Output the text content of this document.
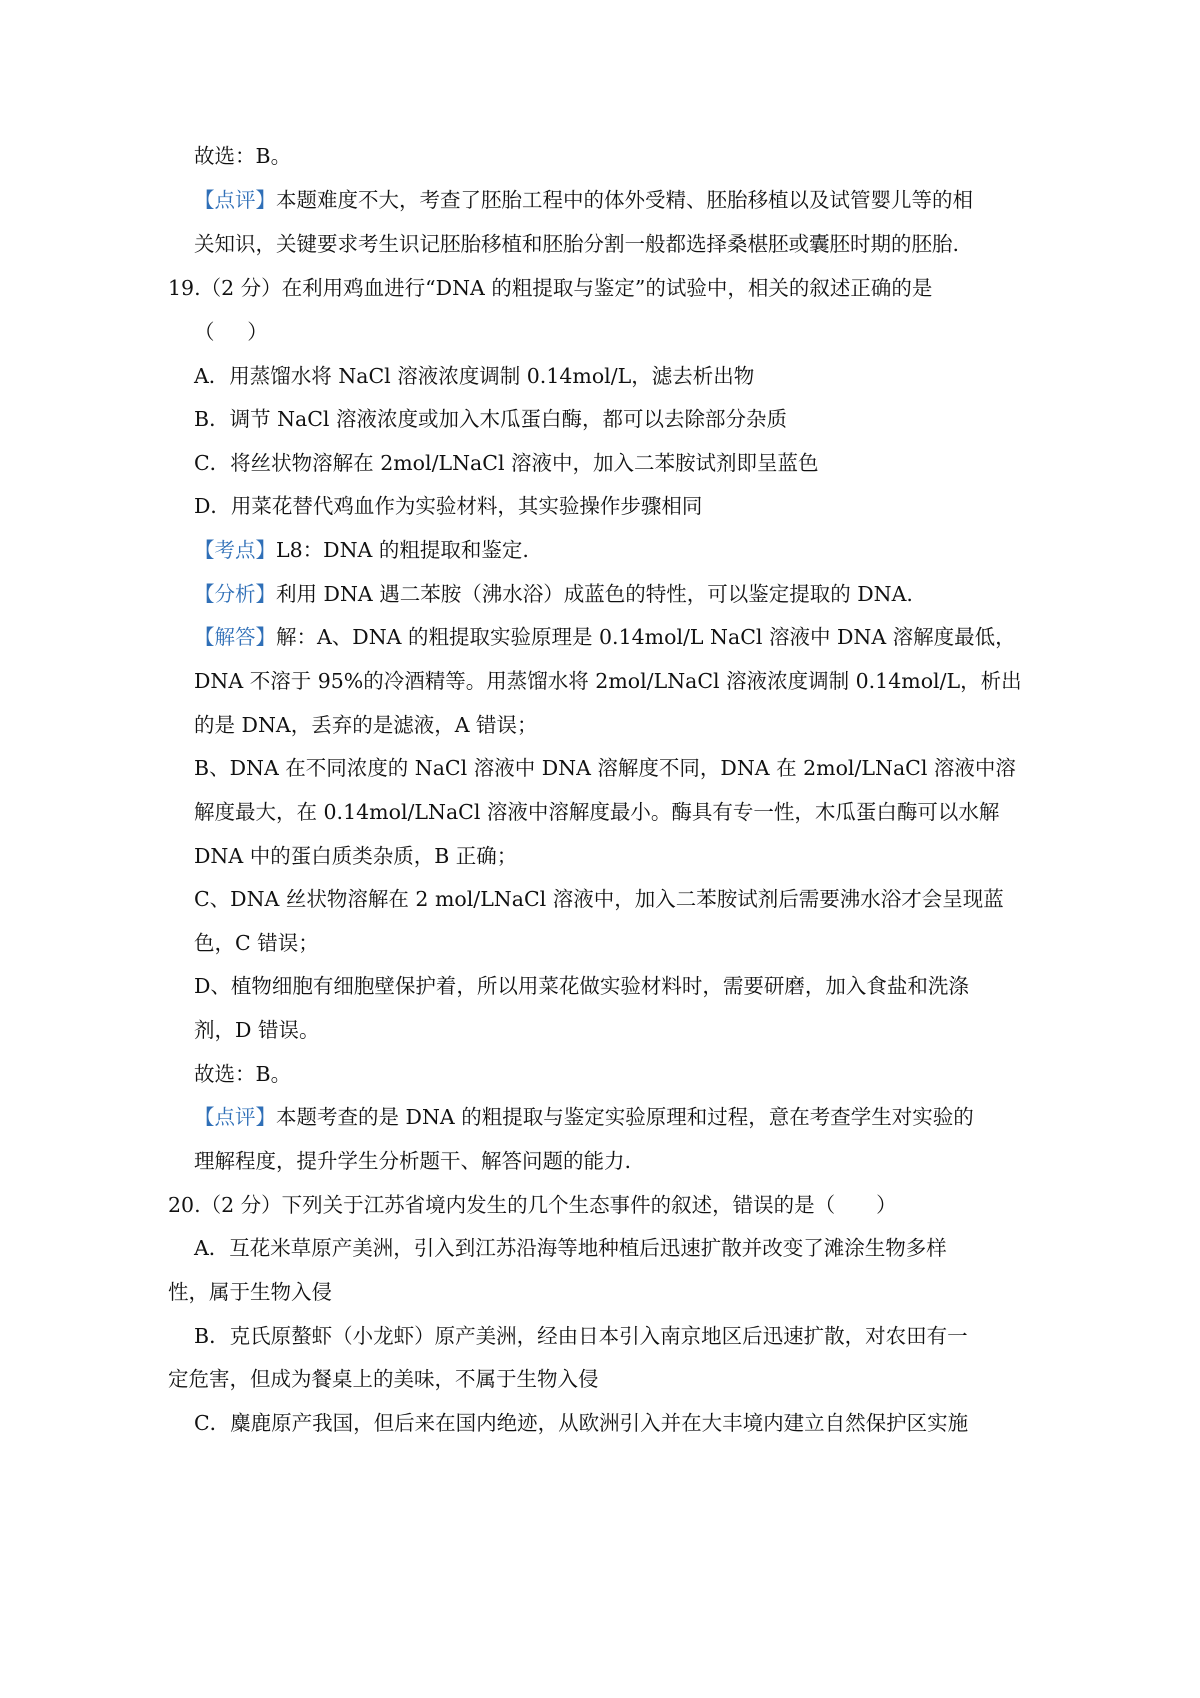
故选：B。
【点评】本题难度不大，考查了胚胎工程中的体外受精、胚胎移植以及试管婴儿等的相
关知识，关键要求考生识记胚胎移植和胚胎分割一般都选择桑椹胚或囊胚时期的胚胎.
19.（2 分）在利用鸡血进行“DNA 的粗提取与鉴定”的试验中，相关的叙述正确的是
（ ）
A．用蒸馏水将 NaCl 溶液浓度调制 0.14mol/L，滤去析出物
B．调节 NaCl 溶液浓度或加入木瓜蛋白酶，都可以去除部分杂质
C．将丝状物溶解在 2mol/LNaCl 溶液中，加入二苯胺试剂即呈蓝色
D．用菜花替代鸡血作为实验材料，其实验操作步骤相同
【考点】L8：DNA 的粗提取和鉴定.
【分析】利用 DNA 遇二苯胺（沸水浴）成蓝色的特性，可以鉴定提取的 DNA.
【解答】解：A、DNA 的粗提取实验原理是 0.14mol/L NaCl 溶液中 DNA 溶解度最低，
DNA 不溶于 95%的冷酒精等。用蒸馏水将 2mol/LNaCl 溶液浓度调制 0.14mol/L，析出
的是 DNA，丢弃的是滤液，A 错误；
B、DNA 在不同浓度的 NaCl 溶液中 DNA 溶解度不同，DNA 在 2mol/LNaCl 溶液中溶
解度最大，在 0.14mol/LNaCl 溶液中溶解度最小。酶具有专一性，木瓜蛋白酶可以水解
DNA 中的蛋白质类杂质，B 正确；
C、DNA 丝状物溶解在 2 mol/LNaCl 溶液中，加入二苯胺试剂后需要沸水浴才会呈现蓝
色，C 错误；
D、植物细胞有细胞壁保护着，所以用菜花做实验材料时，需要研磨，加入食盐和洗涤
剂，D 错误。
故选：B。
【点评】本题考查的是 DNA 的粗提取与鉴定实验原理和过程，意在考查学生对实验的
理解程度，提升学生分析题干、解答问题的能力.
20.（2 分）下列关于江苏省境内发生的几个生态事件的叙述，错误的是（　　）
A．互花米草原产美洲，引入到江苏沿海等地种植后迅速扩散并改变了滩涂生物多样
性，属于生物入侵
B．克氏原螯虾（小龙虾）原产美洲，经由日本引入南京地区后迅速扩散，对农田有一
定危害，但成为餐桌上的美味，不属于生物入侵
C．麋鹿原产我国，但后来在国内绝迹，从欧洲引入并在大丰境内建立自然保护区实施
